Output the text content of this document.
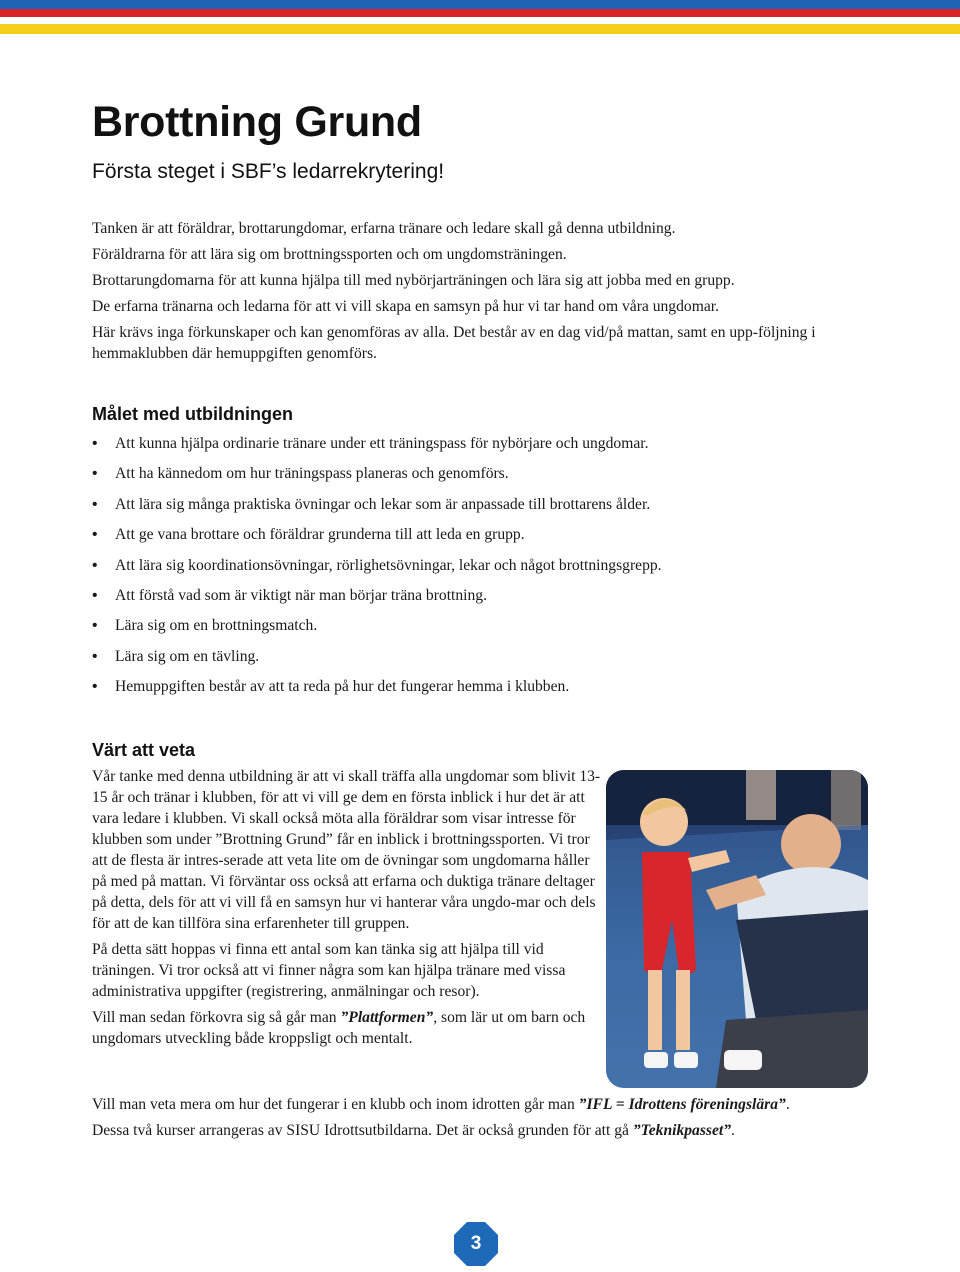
Brottning Grund
Första steget i SBF’s ledarrekrytering!

Tanken är att föräldrar, brottarungdomar, erfarna tränare och ledare skall gå denna utbildning.

Föräldrarna för att lära sig om brottningssporten och om ungdomsträningen.

Brottarungdomarna för att kunna hjälpa till med nybörjarträningen och lära sig att jobba med en grupp.

De erfarna tränarna och ledarna för att vi vill skapa en samsyn på hur vi tar hand om våra ungdomar.

Här krävs inga förkunskaper och kan genomföras av alla. Det består av en dag vid/på mattan, samt en upp-följning i hemmaklubben där hemuppgiften genomförs.

Målet med utbildningen
• Att kunna hjälpa ordinarie tränare under ett träningspass för nybörjare och ungdomar.
• Att ha kännedom om hur träningspass planeras och genomförs.
• Att lära sig många praktiska övningar och lekar som är anpassade till brottarens ålder.
• Att ge vana brottare och föräldrar grunderna till att leda en grupp.
• Att lära sig koordinationsövningar, rörlighetsövningar, lekar och något brottningsgrepp.
• Att förstå vad som är viktigt när man börjar träna brottning.
• Lära sig om en brottningsmatch.
• Lära sig om en tävling.
• Hemuppgiften består av att ta reda på hur det fungerar hemma i klubben.
Värt att veta

Vår tanke med denna utbildning är att vi skall träffa alla ungdomar som blivit 13-15 år och tränar i klubben, för att vi vill ge dem en första inblick i hur det är att vara ledare i klubben. Vi skall också möta alla föräldrar som visar intresse för klubben som under ”Brottning Grund” får en inblick i brottningssporten. Vi tror att de flesta är intres-serade att veta lite om de övningar som ungdomarna håller på med på mattan. Vi förväntar oss också att erfarna och duktiga tränare deltager på detta, dels för att vi vill få en samsyn hur vi hanterar våra ungdo-mar och dels för att de kan tillföra sina erfarenheter till gruppen.

På detta sätt hoppas vi finna ett antal som kan tänka sig att hjälpa till vid träningen. Vi tror också att vi finner några som kan hjälpa tränare med vissa administrativa uppgifter (registrering, anmälningar och resor).

Vill man sedan förkovra sig så går man ”Plattformen”, som lär ut om barn och ungdomars utveckling både kroppsligt och mentalt.

Vill man veta mera om hur det fungerar i en klubb och inom idrotten går man ”IFL = Idrottens föreningslära”.

Dessa två kurser arrangeras av SISU Idrottsutbildarna. Det är också grunden för att gå ”Teknikpasset”.

3
